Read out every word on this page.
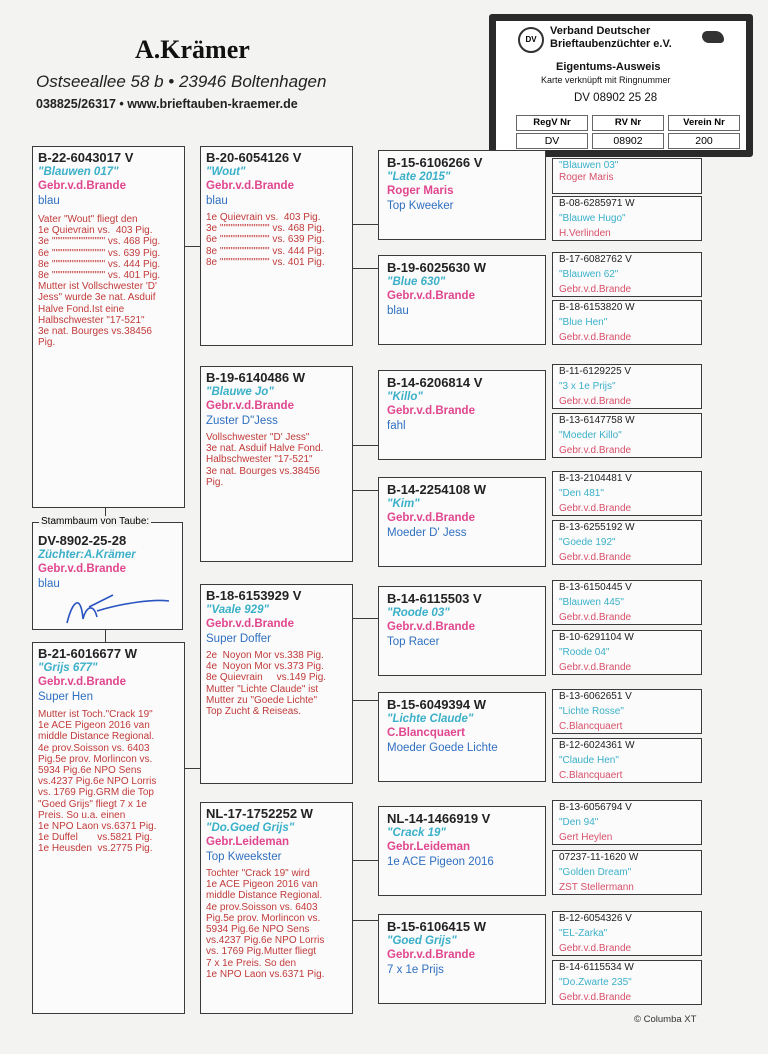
A.Krämer
Ostseeallee 58 b • 23946 Boltenhagen
038825/26317 • www.brieftauben-kraemer.de
DV
Verband Deutscher
Brieftaubenzüchter e.V.
Eigentums-Ausweis
Karte verknüpft mit Ringnummer
DV 08902 25 28
RegV Nr	RV Nr	Verein Nr
DV	08902	200
B-22-6043017 V
"Blauwen 017"
Gebr.v.d.Brande
blau
Vater "Wout" fliegt den
1e Quievrain vs.  403 Pig.
3e """"""""""""""" vs. 468 Pig.
6e """"""""""""""" vs. 639 Pig.
8e """"""""""""""" vs. 444 Pig.
8e """"""""""""""" vs. 401 Pig.
Mutter ist Vollschwester 'D'
Jess" wurde 3e nat. Asduif
Halve Fond.Ist eine
Halbschwester "17-521"
3e nat. Bourges vs.38456
Pig.
Stammbaum von Taube:
DV-8902-25-28
Züchter:A.Krämer
Gebr.v.d.Brande
blau
B-21-6016677 W
"Grijs 677"
Gebr.v.d.Brande
Super Hen
Mutter ist Toch."Crack 19"
1e ACE Pigeon 2016 van
middle Distance Regional.
4e prov.Soisson vs. 6403
Pig.5e prov. Morlincon vs.
5934 Pig.6e NPO Sens
vs.4237 Pig.6e NPO Lorris
vs. 1769 Pig.GRM die Top
"Goed Grijs" fliegt 7 x 1e
Preis. So u.a. einen
1e NPO Laon vs.6371 Pig.
1e Duffel       vs.5821 Pig.
1e Heusden  vs.2775 Pig.
B-20-6054126 V
"Wout"
Gebr.v.d.Brande
blau
1e Quievrain vs.  403 Pig.
3e """""""""""""" vs. 468 Pig.
6e """""""""""""" vs. 639 Pig.
8e """""""""""""" vs. 444 Pig.
8e """""""""""""" vs. 401 Pig.
B-19-6140486 W
"Blauwe Jo"
Gebr.v.d.Brande
Zuster D"Jess
Vollschwester "D' Jess"
3e nat. Asduif Halve Fond.
Halbschwester "17-521"
3e nat. Bourges vs.38456
Pig.
B-18-6153929 V
"Vaale 929"
Gebr.v.d.Brande
Super Doffer
2e  Noyon Mor vs.338 Pig.
4e  Noyon Mor vs.373 Pig.
8e Quievrain     vs.149 Pig.
Mutter "Lichte Claude" ist
Mutter zu "Goede Lichte"
Top Zucht & Reiseas.
NL-17-1752252 W
"Do.Goed Grijs"
Gebr.Leideman
Top Kweekster
Tochter "Crack 19" wird
1e ACE Pigeon 2016 van
middle Distance Regional.
4e prov.Soisson vs. 6403
Pig.5e prov. Morlincon vs.
5934 Pig.6e NPO Sens
vs.4237 Pig.6e NPO Lorris
vs. 1769 Pig.Mutter fliegt
7 x 1e Preis. So den
1e NPO Laon vs.6371 Pig.
B-15-6106266 V
"Late 2015"
Roger Maris
Top Kweeker
B-19-6025630 W
"Blue 630"
Gebr.v.d.Brande
blau
B-14-6206814 V
"Killo"
Gebr.v.d.Brande
fahl
B-14-2254108 W
"Kim"
Gebr.v.d.Brande
Moeder D' Jess
B-14-6115503 V
"Roode 03"
Gebr.v.d.Brande
Top Racer
B-15-6049394 W
"Lichte Claude"
C.Blancquaert
Moeder Goede Lichte
NL-14-1466919 V
"Crack 19"
Gebr.Leideman
1e ACE Pigeon 2016
B-15-6106415 W
"Goed Grijs"
Gebr.v.d.Brande
7 x 1e Prijs
"Blauwen 03"
Roger Maris
B-08-6285971 W
"Blauwe Hugo"
H.Verlinden
B-17-6082762 V
"Blauwen 62"
Gebr.v.d.Brande
B-18-6153820 W
"Blue Hen"
Gebr.v.d.Brande
B-11-6129225 V
"3 x 1e Prijs"
Gebr.v.d.Brande
B-13-6147758 W
"Moeder Killo"
Gebr.v.d.Brande
B-13-2104481 V
"Den 481"
Gebr.v.d.Brande
B-13-6255192 W
"Goede 192"
Gebr.v.d.Brande
B-13-6150445 V
"Blauwen 445"
Gebr.v.d.Brande
B-10-6291104 W
"Roode 04"
Gebr.v.d.Brande
B-13-6062651 V
"Lichte Rosse"
C.Blancquaert
B-12-6024361 W
"Claude Hen"
C.Blancquaert
B-13-6056794 V
"Den 94"
Gert Heylen
07237-11-1620 W
"Golden Dream"
ZST Stellermann
B-12-6054326 V
"EL-Zarka"
Gebr.v.d.Brande
B-14-6115534 W
"Do.Zwarte 235"
Gebr.v.d.Brande
© Columba XT
